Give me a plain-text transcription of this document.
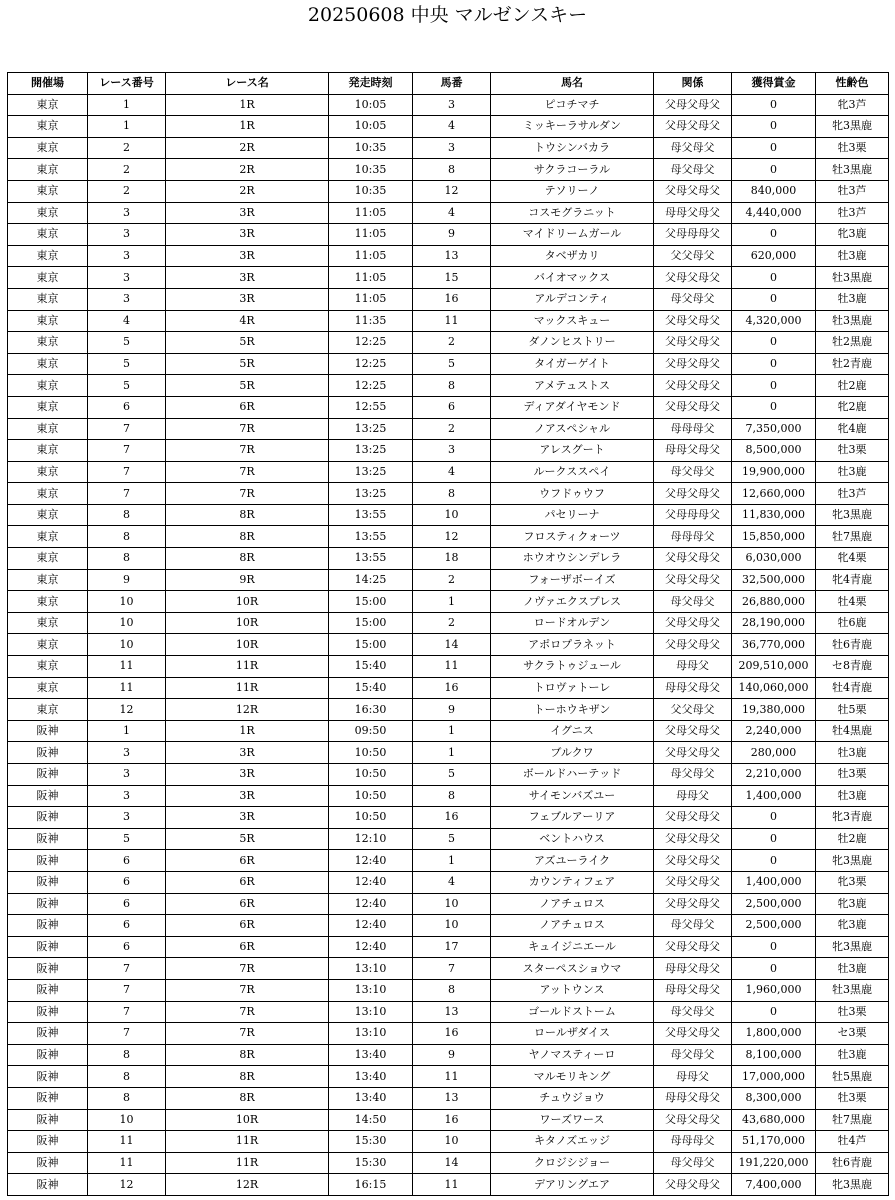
20250608 中央 マルゼンスキー
開催場	レース番号	レース名	発走時刻	馬番	馬名	関係	獲得賞金	性齢色
東京	1	1R	10:05	3	ピコチマチ	父母父母父	0	牝3芦
東京	1	1R	10:05	4	ミッキーラサルダン	父母父母父	0	牝3黒鹿
東京	2	2R	10:35	3	トウシンバカラ	母父母父	0	牡3栗
東京	2	2R	10:35	8	サクラコーラル	母父母父	0	牡3黒鹿
東京	2	2R	10:35	12	テソリーノ	父母父母父	840,000	牡3芦
東京	3	3R	11:05	4	コスモグラニット	母母父母父	4,440,000	牡3芦
東京	3	3R	11:05	9	マイドリームガール	父母母母父	0	牝3鹿
東京	3	3R	11:05	13	タベザカリ	父父母父	620,000	牡3鹿
東京	3	3R	11:05	15	バイオマックス	父母父母父	0	牡3黒鹿
東京	3	3R	11:05	16	アルデコンティ	母父母父	0	牡3鹿
東京	4	4R	11:35	11	マックスキュー	父母父母父	4,320,000	牡3黒鹿
東京	5	5R	12:25	2	ダノンヒストリー	父母父母父	0	牡2黒鹿
東京	5	5R	12:25	5	タイガーゲイト	父母父母父	0	牡2青鹿
東京	5	5R	12:25	8	アメテュストス	父母父母父	0	牡2鹿
東京	6	6R	12:55	6	ディアダイヤモンド	父母父母父	0	牝2鹿
東京	7	7R	13:25	2	ノアスペシャル	母母母父	7,350,000	牝4鹿
東京	7	7R	13:25	3	アレスグート	母母父母父	8,500,000	牡3栗
東京	7	7R	13:25	4	ルークススペイ	母父母父	19,900,000	牡3鹿
東京	7	7R	13:25	8	ウフドゥウフ	父母父母父	12,660,000	牡3芦
東京	8	8R	13:55	10	パセリーナ	父母母母父	11,830,000	牝3黒鹿
東京	8	8R	13:55	12	フロスティクォーツ	母母母父	15,850,000	牡7黒鹿
東京	8	8R	13:55	18	ホウオウシンデレラ	父母父母父	6,030,000	牝4栗
東京	9	9R	14:25	2	フォーザボーイズ	父母父母父	32,500,000	牝4青鹿
東京	10	10R	15:00	1	ノヴァエクスプレス	母父母父	26,880,000	牡4栗
東京	10	10R	15:00	2	ロードオルデン	父母父母父	28,190,000	牡6鹿
東京	10	10R	15:00	14	アポロプラネット	父母父母父	36,770,000	牡6青鹿
東京	11	11R	15:40	11	サクラトゥジュール	母母父	209,510,000	セ8青鹿
東京	11	11R	15:40	16	トロヴァトーレ	母母父母父	140,060,000	牡4青鹿
東京	12	12R	16:30	9	トーホウキザン	父父母父	19,380,000	牡5栗
阪神	1	1R	09:50	1	イグニス	父母父母父	2,240,000	牡4黒鹿
阪神	3	3R	10:50	1	ブルクワ	父母父母父	280,000	牡3鹿
阪神	3	3R	10:50	5	ボールドハーテッド	母父母父	2,210,000	牡3栗
阪神	3	3R	10:50	8	サイモンバズユー	母母父	1,400,000	牡3鹿
阪神	3	3R	10:50	16	フェブルアーリア	父母父母父	0	牝3青鹿
阪神	5	5R	12:10	5	ベントハウス	父母父母父	0	牡2鹿
阪神	6	6R	12:40	1	アズユーライク	父母父母父	0	牝3黒鹿
阪神	6	6R	12:40	4	カウンティフェア	父母父母父	1,400,000	牝3栗
阪神	6	6R	12:40	10	ノアチュロス	父母父母父	2,500,000	牝3鹿
阪神	6	6R	12:40	10	ノアチュロス	母父母父	2,500,000	牝3鹿
阪神	6	6R	12:40	17	キュイジニエール	父母父母父	0	牝3黒鹿
阪神	7	7R	13:10	7	スターペスショウマ	母母父母父	0	牡3鹿
阪神	7	7R	13:10	8	アットウンス	母母父母父	1,960,000	牡3黒鹿
阪神	7	7R	13:10	13	ゴールドストーム	母父母父	0	牡3栗
阪神	7	7R	13:10	16	ロールザダイス	父母父母父	1,800,000	セ3栗
阪神	8	8R	13:40	9	ヤノマスティーロ	母父母父	8,100,000	牡3鹿
阪神	8	8R	13:40	11	マルモリキング	母母父	17,000,000	牡5黒鹿
阪神	8	8R	13:40	13	チュウジョウ	母母父母父	8,300,000	牡3栗
阪神	10	10R	14:50	16	ワーズワース	父母父母父	43,680,000	牡7黒鹿
阪神	11	11R	15:30	10	キタノズエッジ	母母母父	51,170,000	牡4芦
阪神	11	11R	15:30	14	クロジシジョー	母父母父	191,220,000	牡6青鹿
阪神	12	12R	16:15	11	デアリングエア	父母父母父	7,400,000	牝3黒鹿
